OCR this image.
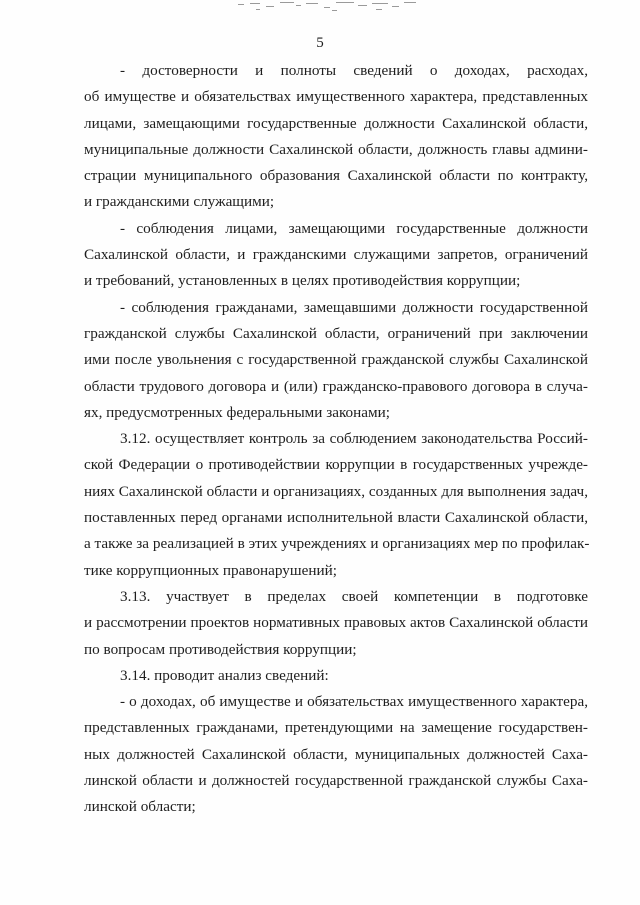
5

- достоверности и полноты сведений о доходах, расходах,
об имуществе и обязательствах имущественного характера, представленных
лицами, замещающими государственные должности Сахалинской области,
муниципальные должности Сахалинской области, должность главы админи-
страции муниципального образования Сахалинской области по контракту,
и гражданскими служащими;

- соблюдения лицами, замещающими государственные должности
Сахалинской области, и гражданскими служащими запретов, ограничений
и требований, установленных в целях противодействия коррупции;

- соблюдения гражданами, замещавшими должности государственной
гражданской службы Сахалинской области, ограничений при заключении
ими после увольнения с государственной гражданской службы Сахалинской
области трудового договора и (или) гражданско-правового договора в случа-
ях, предусмотренных федеральными законами;

3.12. осуществляет контроль за соблюдением законодательства Россий-
ской Федерации о противодействии коррупции в государственных учрежде-
ниях Сахалинской области и организациях, созданных для выполнения задач,
поставленных перед органами исполнительной власти Сахалинской области,
а также за реализацией в этих учреждениях и организациях мер по профилак-
тике коррупционных правонарушений;

3.13. участвует в пределах своей компетенции в подготовке
и рассмотрении проектов нормативных правовых актов Сахалинской области
по вопросам противодействия коррупции;

3.14. проводит анализ сведений:

- о доходах, об имуществе и обязательствах имущественного характера,
представленных гражданами, претендующими на замещение государствен-
ных должностей Сахалинской области, муниципальных должностей Саха-
линской области и должностей государственной гражданской службы Саха-
линской области;
